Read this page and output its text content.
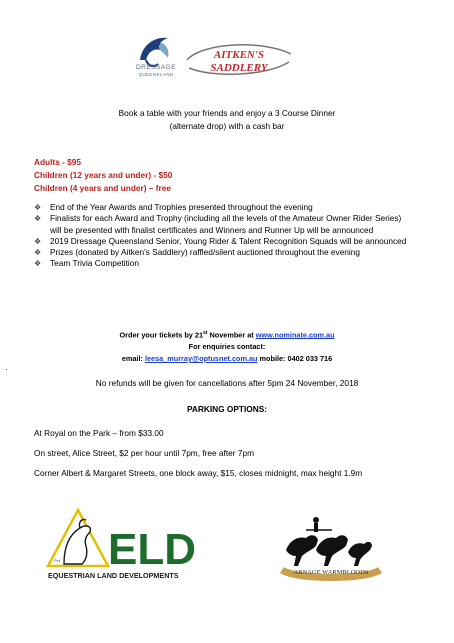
DRESSAGE
QUEENSLAND
AITKEN'S
SADDLERY
Book a table with your friends and enjoy a 3 Course Dinner
(alternate drop) with a cash bar
Adults - $95
Children (12 years and under) - $50
Children (4 years and under) – free
❖ End of the Year Awards and Trophies presented throughout the evening
❖ Finalists for each Award and Trophy (including all the levels of the Amateur Owner Rider Series) will be presented with finalist certificates and Winners and Runner Up will be announced
❖ 2019 Dressage Queensland Senior, Young Rider & Talent Recognition Squads will be announced
❖ Prizes (donated by Aitken's Saddlery) raffled/silent auctioned throughout the evening
❖ Team Trivia Competition
Order your tickets by 21st November at www.nominate.com.au
For enquiries contact:
email: leesa_murray@optusnet.com.au mobile: 0402 033 716
No refunds will be given for cancellations after 5pm 24 November, 2018
PARKING OPTIONS:
At Royal on the Park – from $33.00
On street, Alice Street, $2 per hour until 7pm, free after 7pm
Corner Albert & Margaret Streets, one block away, $15, closes midnight, max height 1.9m
Pvt ELD
EQUESTRIAN LAND DEVELOPMENTS	ARNAGE WARMBLOODS
